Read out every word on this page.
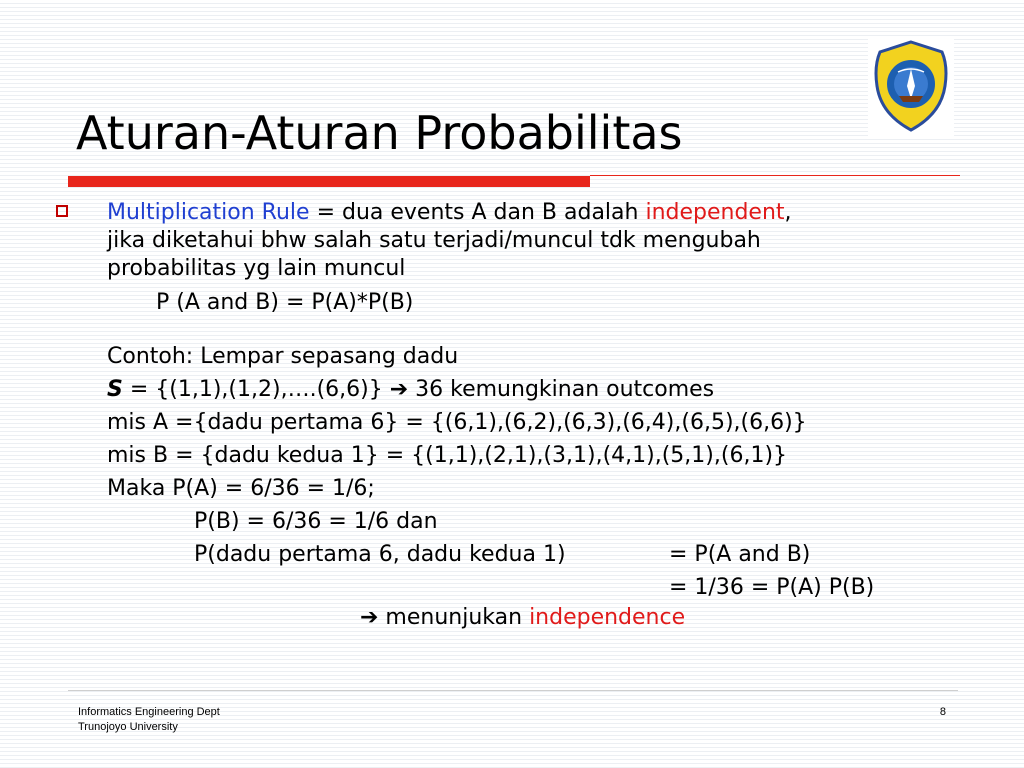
Aturan-Aturan Probabilitas
Multiplication Rule = dua events A dan B adalah independent,
jika diketahui bhw salah satu terjadi/muncul tdk mengubah
probabilitas yg lain muncul
P (A and B) = P(A)*P(B)
Contoh: Lempar sepasang dadu
S = {(1,1),(1,2),….(6,6)} ➔ 36 kemungkinan outcomes
mis A ={dadu pertama 6} = {(6,1),(6,2),(6,3),(6,4),(6,5),(6,6)}
mis B = {dadu kedua 1} = {(1,1),(2,1),(3,1),(4,1),(5,1),(6,1)}
Maka P(A) = 6/36 = 1/6;
P(B) = 6/36 = 1/6 dan
P(dadu pertama 6, dadu kedua 1)	= P(A and B)
= 1/36 = P(A) P(B)
➔ menunjukan independence
Informatics Engineering Dept
Trunojoyo University
8
